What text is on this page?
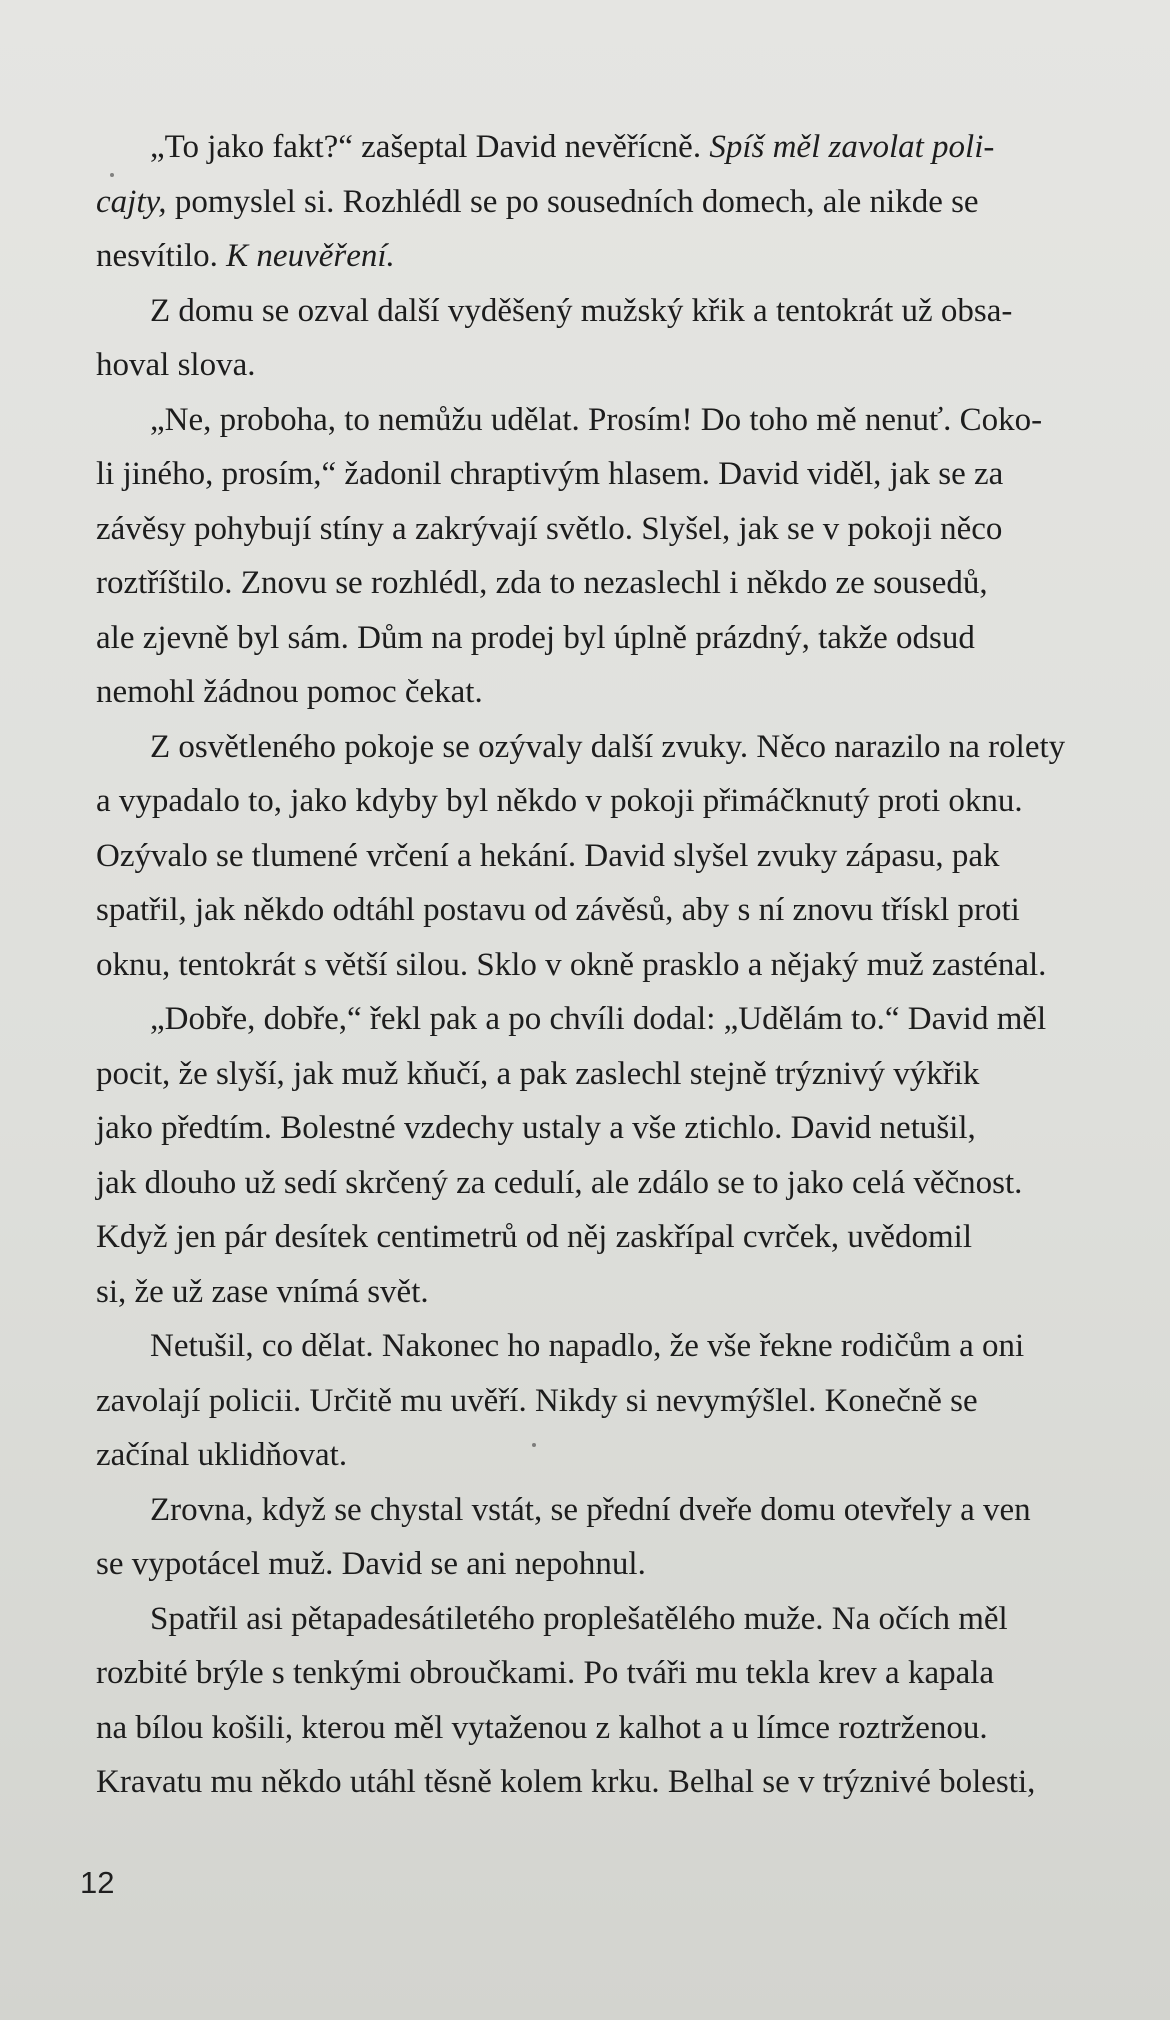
„To jako fakt?“ zašeptal David nevěřícně. Spíš měl zavolat poli-
cajty, pomyslel si. Rozhlédl se po sousedních domech, ale nikde se
nesvítilo. K neuvěření.
Z domu se ozval další vyděšený mužský křik a tentokrát už obsa-
hoval slova.
„Ne, proboha, to nemůžu udělat. Prosím! Do toho mě nenuť. Coko-
li jiného, prosím,“ žadonil chraptivým hlasem. David viděl, jak se za
závěsy pohybují stíny a zakrývají světlo. Slyšel, jak se v pokoji něco
roztříštilo. Znovu se rozhlédl, zda to nezaslechl i někdo ze sousedů,
ale zjevně byl sám. Dům na prodej byl úplně prázdný, takže odsud
nemohl žádnou pomoc čekat.
Z osvětleného pokoje se ozývaly další zvuky. Něco narazilo na rolety
a vypadalo to, jako kdyby byl někdo v pokoji přimáčknutý proti oknu.
Ozývalo se tlumené vrčení a hekání. David slyšel zvuky zápasu, pak
spatřil, jak někdo odtáhl postavu od závěsů, aby s ní znovu třískl proti
oknu, tentokrát s větší silou. Sklo v okně prasklo a nějaký muž zasténal.
„Dobře, dobře,“ řekl pak a po chvíli dodal: „Udělám to.“ David měl
pocit, že slyší, jak muž kňučí, a pak zaslechl stejně trýznivý výkřik
jako předtím. Bolestné vzdechy ustaly a vše ztichlo. David netušil,
jak dlouho už sedí skrčený za cedulí, ale zdálo se to jako celá věčnost.
Když jen pár desítek centimetrů od něj zaskřípal cvrček, uvědomil
si, že už zase vnímá svět.
Netušil, co dělat. Nakonec ho napadlo, že vše řekne rodičům a oni
zavolají policii. Určitě mu uvěří. Nikdy si nevymýšlel. Konečně se
začínal uklidňovat.
Zrovna, když se chystal vstát, se přední dveře domu otevřely a ven
se vypotácel muž. David se ani nepohnul.
Spatřil asi pětapadesátiletého proplešatělého muže. Na očích měl
rozbité brýle s tenkými obroučkami. Po tváři mu tekla krev a kapala
na bílou košili, kterou měl vytaženou z kalhot a u límce roztrženou.
Kravatu mu někdo utáhl těsně kolem krku. Belhal se v trýznivé bolesti,
12
